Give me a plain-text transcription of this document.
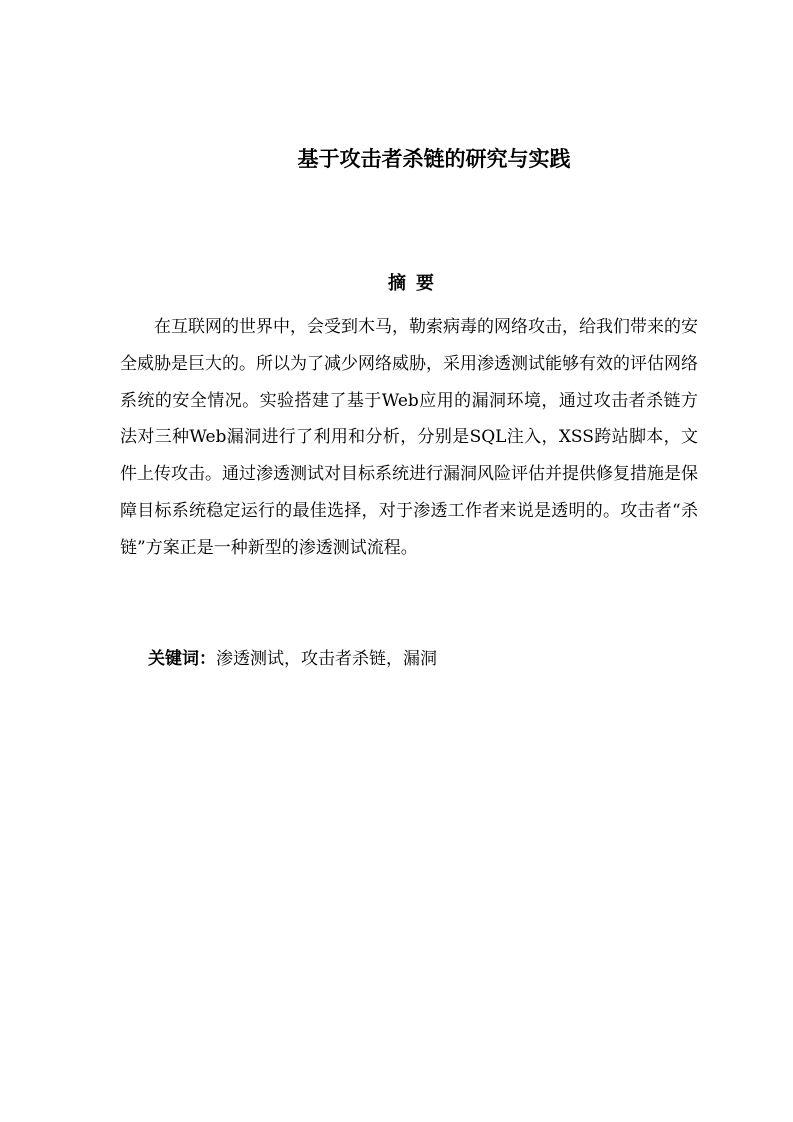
基于攻击者杀链的研究与实践
摘 要

在互联网的世界中，会受到木马，勒索病毒的网络攻击，给我们带来的安全威胁是巨大的。所以为了减少网络威胁，采用渗透测试能够有效的评估网络系统的安全情况。实验搭建了基于Web应用的漏洞环境，通过攻击者杀链方法对三种Web漏洞进行了利用和分析，分别是SQL注入，XSS跨站脚本，文件上传攻击。通过渗透测试对目标系统进行漏洞风险评估并提供修复措施是保障目标系统稳定运行的最佳选择，对于渗透工作者来说是透明的。攻击者“杀链”方案正是一种新型的渗透测试流程。

关键词：渗透测试，攻击者杀链，漏洞
